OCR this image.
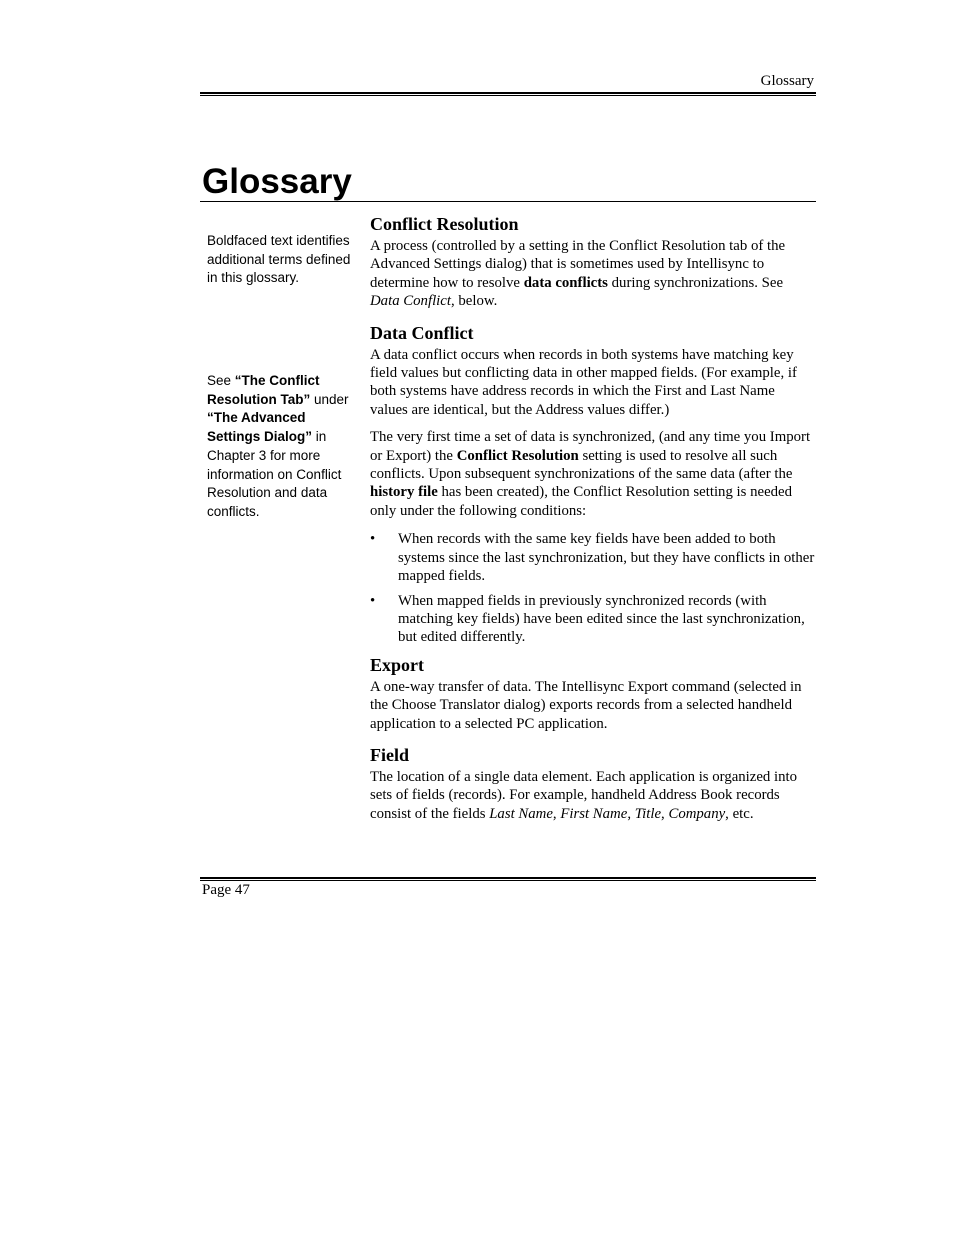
Glossary
Glossary
Boldfaced text identifies additional terms defined in this glossary.
See “The Conflict Resolution Tab” under “The Advanced Settings Dialog” in Chapter 3 for more information on Conflict Resolution and data conflicts.
Conflict Resolution

A process (controlled by a setting in the Conflict Resolution tab of the Advanced Settings dialog) that is sometimes used by Intellisync to determine how to resolve data conflicts during synchronizations. See Data Conflict, below.

Data Conflict

A data conflict occurs when records in both systems have matching key field values but conflicting data in other mapped fields. (For example, if both systems have address records in which the First and Last Name values are identical, but the Address values differ.)

The very first time a set of data is synchronized, (and any time you Import or Export) the Conflict Resolution setting is used to resolve all such conflicts. Upon subsequent synchronizations of the same data (after the history file has been created), the Conflict Resolution setting is needed only under the following conditions:

• When records with the same key fields have been added to both systems since the last synchronization, but they have conflicts in other mapped fields.
• When mapped fields in previously synchronized records (with matching key fields) have been edited since the last synchronization, but edited differently.
Export

A one-way transfer of data. The Intellisync Export command (selected in the Choose Translator dialog) exports records from a selected handheld application to a selected PC application.

Field

The location of a single data element. Each application is organized into sets of fields (records). For example, handheld Address Book records consist of the fields Last Name, First Name, Title, Company, etc.

Page 47
